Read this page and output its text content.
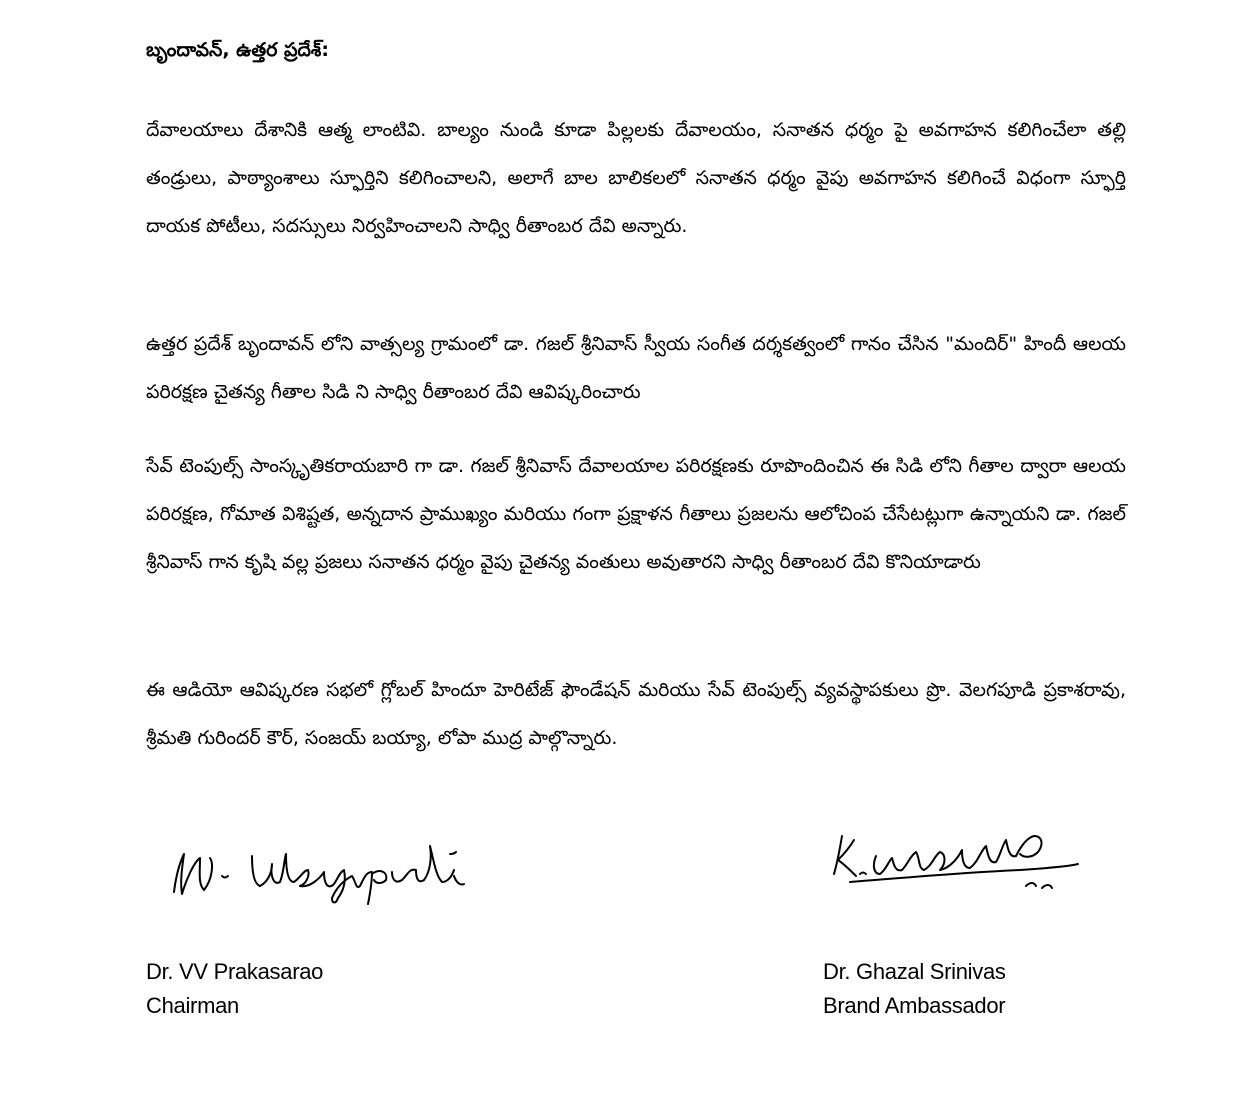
బృందావన్, ఉత్తర ప్రదేశ్:

దేవాలయాలు దేశానికి ఆత్మ లాంటివి. బాల్యం నుండి కూడా పిల్లలకు దేవాలయం, సనాతన ధర్మం పై అవగాహన కలిగించేలా తల్లి తండ్రులు, పాఠ్యాంశాలు స్ఫూర్తిని కలిగించాలని, అలాగే బాల బాలికలలో సనాతన ధర్మం వైపు అవగాహన కలిగించే విధంగా స్ఫూర్తి దాయక పోటీలు, సదస్సులు నిర్వహించాలని సాధ్వి రీతాంబర దేవి అన్నారు.

ఉత్తర ప్రదేశ్ బృందావన్ లోని వాత్సల్య గ్రామంలో డా. గజల్ శ్రీనివాస్ స్వీయ సంగీత దర్శకత్వంలో గానం చేసిన "మందిర్" హిందీ ఆలయ పరిరక్షణ చైతన్య గీతాల సిడి ని సాధ్వి రీతాంబర దేవి ఆవిష్కరించారు

సేవ్ టెంపుల్స్ సాంస్కృతికరాయబారి గా డా. గజల్ శ్రీనివాస్ దేవాలయాల పరిరక్షణకు రూపొందించిన ఈ సిడి లోని గీతాల ద్వారా ఆలయ పరిరక్షణ, గోమాత విశిష్టత, అన్నదాన ప్రాముఖ్యం మరియు గంగా ప్రక్షాళన గీతాలు ప్రజలను ఆలోచింప చేసేటట్లుగా ఉన్నాయని డా. గజల్ శ్రీనివాస్ గాన కృషి వల్ల ప్రజలు సనాతన ధర్మం వైపు చైతన్య వంతులు అవుతారని సాధ్వి రీతాంబర దేవి కొనియాడారు

ఈ ఆడియో ఆవిష్కరణ సభలో గ్లోబల్ హిందూ హెరిటేజ్ ఫౌండేషన్ మరియు సేవ్ టెంపుల్స్ వ్యవస్థాపకులు ప్రొ. వెలగపూడి ప్రకాశరావు, శ్రీమతి గురిందర్ కౌర్, సంజయ్ బయ్యా, లోపా ముద్ర పాల్గొన్నారు.

Dr. VV Prakasarao
Chairman
Dr. Ghazal Srinivas
Brand Ambassador
